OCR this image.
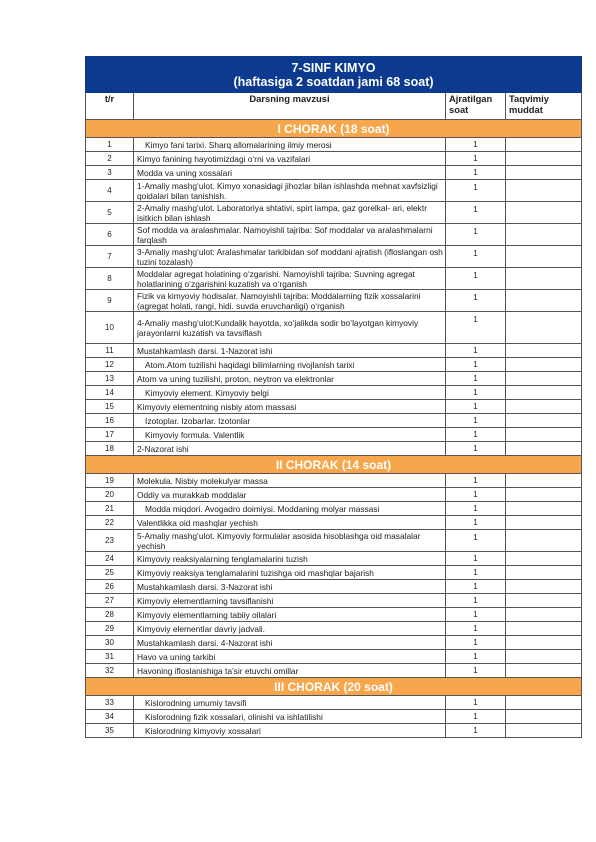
7-SINF KIMYO
(haftasiga 2 soatdan jami 68 soat)			

t/r	Darsning mavzusi	Ajratilgan soat	Taqvimiy muddat
I CHORAK (18 soat)			
1	Kimyo fani tarixi. Sharq allomalarining ilmiy merosi	1	
2	Kimyo fanining hayotimizdagi o‘rni va vazifalari	1	
3	Modda va uning xossalari	1	
4	1-Amaliy mashg‘ulot. Kimyo xonasidagi jihozlar bilan ishlashda mehnat xavfsizligi qoidalari bilan tanishish.	1	
5	2-Amaliy mashg‘ulot. Laboratoriya shtativi, spirt lampa, gaz gorelkal- ari, elektr isitkich bilan ishlash	1	
6	Sof modda va aralashmalar. Namoyishli tajriba: Sof moddalar va aralashmalarni farqlash	1	
7	3-Amaliy mashg‘ulot: Aralashmalar tarkibidan sof moddani ajratish (ifloslangan osh tuzini tozalash)	1	
8	Moddalar agregat holatining o‘zgarishi. Namoyishli tajriba: Suvning agregat holatlarining o‘zgarishini kuzatish va o‘rganish	1	
9	Fizik va kimyoviy hodisalar. Namoyishli tajriba: Moddalarning fizik xossalarini (agregat holati, rangi, hidi. suvda eruvchanligi) o‘rganish	1	
10	4-Amaliy mashg‘ulot:Kundalik hayotda, xo‘jalikda sodir bo‘layotgan kimyoviy jarayonlarni kuzatish va tavsiflash	1	
11	Mustahkamlash darsi. 1-Nazorat ishi	1	
12	Atom.Atom tuzilishi haqidagi bilimlarning rivojlanish tarixi	1	
13	Atom va uning tuzilishi, proton, neytron va elektronlar	1	
14	Kimyoviy element. Kimyoviy belgi	1	
15	Kimyoviy elementning nisbiy atom massasi	1	
16	Izotoplar. Izobarlar. Izotonlar	1	
17	Kimyoviy formula. Valentlik	1	
18	2-Nazorat ishi	1	
II CHORAK (14 soat)			
19	Molekula. Nisbiy molekulyar massa	1	
20	Oddiy va murakkab moddalar	1	
21	Modda miqdori. Avogadro doimiysi. Moddaning molyar massasi	1	
22	Valentlikka oid mashqlar yechish	1	
23	5-Amaliy mashg‘ulot. Kimyoviy formulalar asosida hisoblashga oid masalalar yechish	1	
24	Kimyoviy reaksiyalarning tenglamalarini tuzish	1	
25	Kimyoviy reaksiya tenglamalarini tuzishga oid mashqlar bajarish	1	
26	Mustahkamlash darsi. 3-Nazorat ishi	1	
27	Kimyoviy elementlarning tavsiflanishi	1	
28	Kimyoviy elementlarning tabiiy oilalari	1	
29	Kimyoviy elementlar davriy jadvali.	1	
30	Mustahkamlash darsi. 4-Nazorat ishi	1	
31	Havo va uning tarkibi	1	
32	Havoning ifloslanishiga ta’sir etuvchi omillar	1	
III CHORAK (20 soat)			
33	Kislorodning umumiy tavsifi	1	
34	Kislorodning fizik xossalari, olinishi va ishlatilishi	1	
35	Kislorodning kimyoviy xossalari	1	
